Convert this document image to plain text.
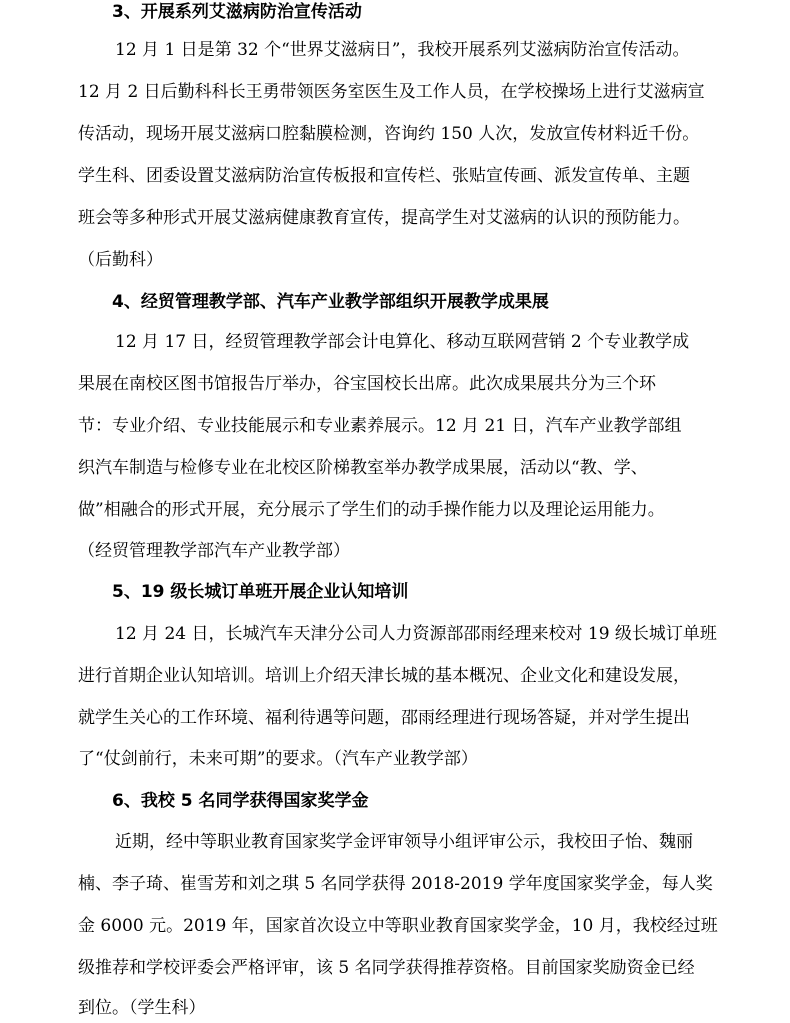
3、开展系列艾滋病防治宣传活动
12 月 1 日是第 32 个“世界艾滋病日”，我校开展系列艾滋病防治宣传活动。
12 月 2 日后勤科科长王勇带领医务室医生及工作人员，在学校操场上进行艾滋病宣
传活动，现场开展艾滋病口腔黏膜检测，咨询约 150 人次，发放宣传材料近千份。
学生科、团委设置艾滋病防治宣传板报和宣传栏、张贴宣传画、派发宣传单、主题
班会等多种形式开展艾滋病健康教育宣传，提高学生对艾滋病的认识的预防能力。
（后勤科）
4、经贸管理教学部、汽车产业教学部组织开展教学成果展
12 月 17 日，经贸管理教学部会计电算化、移动互联网营销 2 个专业教学成
果展在南校区图书馆报告厅举办，谷宝国校长出席。此次成果展共分为三个环
节：专业介绍、专业技能展示和专业素养展示。12 月 21 日，汽车产业教学部组
织汽车制造与检修专业在北校区阶梯教室举办教学成果展，活动以“教、学、
做”相融合的形式开展，充分展示了学生们的动手操作能力以及理论运用能力。
（经贸管理教学部汽车产业教学部）
5、19 级长城订单班开展企业认知培训
12 月 24 日，长城汽车天津分公司人力资源部邵雨经理来校对 19 级长城订单班
进行首期企业认知培训。培训上介绍天津长城的基本概况、企业文化和建设发展，
就学生关心的工作环境、福利待遇等问题，邵雨经理进行现场答疑，并对学生提出
了“仗剑前行，未来可期”的要求。（汽车产业教学部）
6、我校 5 名同学获得国家奖学金
近期，经中等职业教育国家奖学金评审领导小组评审公示，我校田子怡、魏丽
楠、李子琦、崔雪芳和刘之琪 5 名同学获得 2018-2019 学年度国家奖学金，每人奖
金 6000 元。2019 年，国家首次设立中等职业教育国家奖学金，10 月，我校经过班
级推荐和学校评委会严格评审，该 5 名同学获得推荐资格。目前国家奖励资金已经
到位。（学生科）
